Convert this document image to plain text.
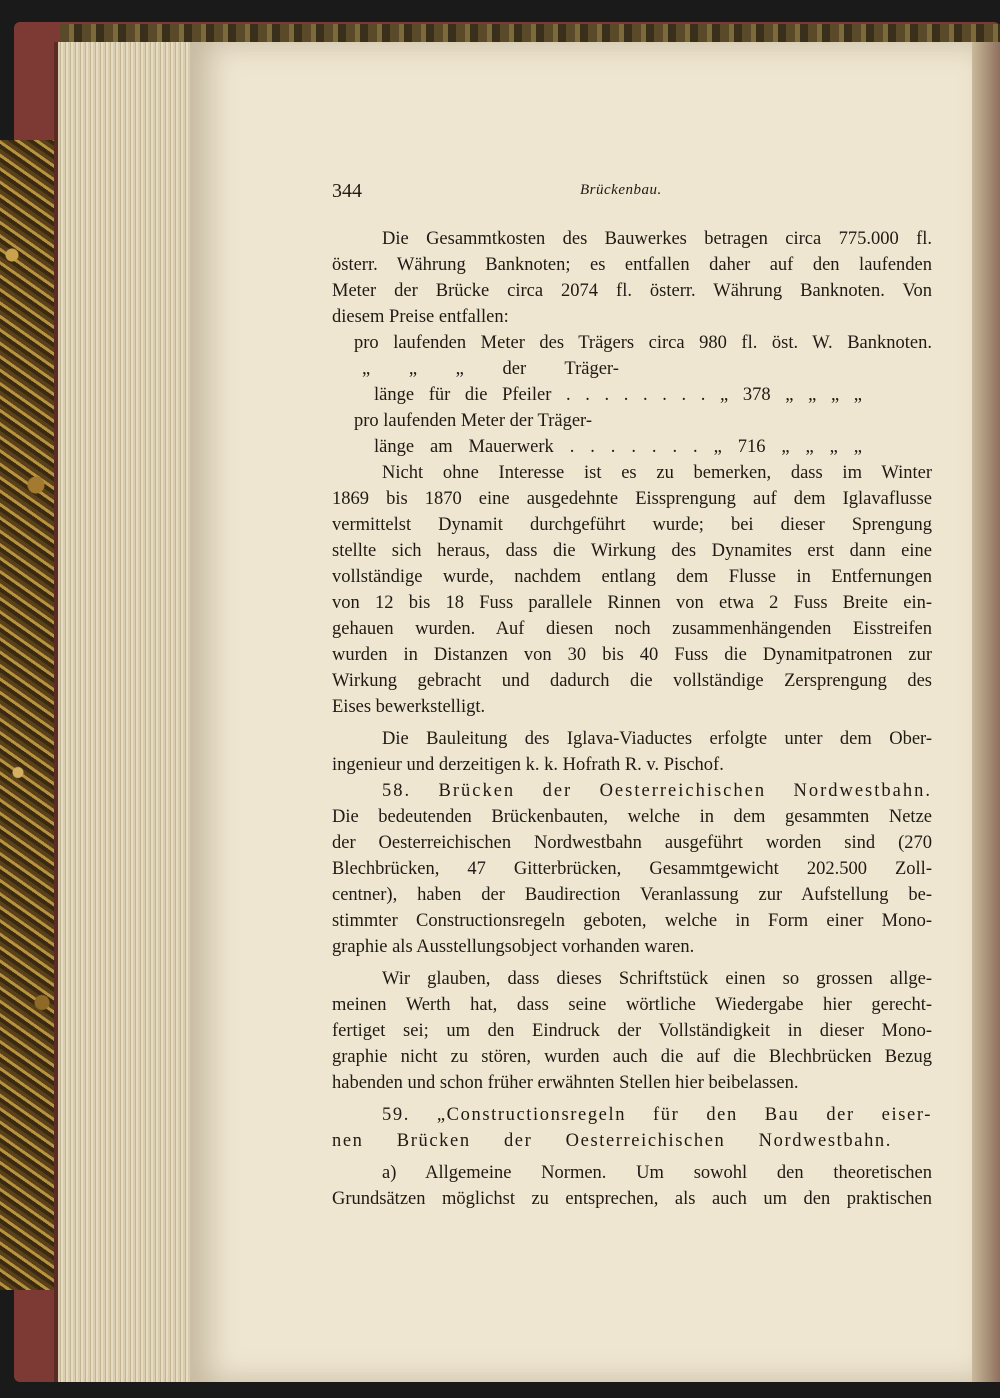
344	Brückenbau.
Die Gesammtkosten des Bauwerkes betragen circa 775.000 fl.
österr. Währung Banknoten; es entfallen daher auf den laufenden
Meter der Brücke circa 2074 fl. österr. Währung Banknoten. Von
diesem Preise entfallen:
pro laufenden Meter des Trägers circa 980 fl. öst. W. Banknoten.
„ „ „ der Träger-
länge für die Pfeiler . . . . . . . . „ 378 „ „ „ „
pro laufenden Meter der Träger-
länge am Mauerwerk . . . . . . . „ 716 „ „ „ „
Nicht ohne Interesse ist es zu bemerken, dass im Winter
1869 bis 1870 eine ausgedehnte Eissprengung auf dem Iglavaflusse
vermittelst Dynamit durchgeführt wurde; bei dieser Sprengung
stellte sich heraus, dass die Wirkung des Dynamites erst dann eine
vollständige wurde, nachdem entlang dem Flusse in Entfernungen
von 12 bis 18 Fuss parallele Rinnen von etwa 2 Fuss Breite ein-
gehauen wurden. Auf diesen noch zusammenhängenden Eisstreifen
wurden in Distanzen von 30 bis 40 Fuss die Dynamitpatronen zur
Wirkung gebracht und dadurch die vollständige Zersprengung des
Eises bewerkstelligt.
Die Bauleitung des Iglava-Viaductes erfolgte unter dem Ober-
ingenieur und derzeitigen k. k. Hofrath R. v. Pischof.
58. Brücken der Oesterreichischen Nordwestbahn.
Die bedeutenden Brückenbauten, welche in dem gesammten Netze
der Oesterreichischen Nordwestbahn ausgeführt worden sind (270
Blechbrücken, 47 Gitterbrücken, Gesammtgewicht 202.500 Zoll-
centner), haben der Baudirection Veranlassung zur Aufstellung be-
stimmter Constructionsregeln geboten, welche in Form einer Mono-
graphie als Ausstellungsobject vorhanden waren.
Wir glauben, dass dieses Schriftstück einen so grossen allge-
meinen Werth hat, dass seine wörtliche Wiedergabe hier gerecht-
fertiget sei; um den Eindruck der Vollständigkeit in dieser Mono-
graphie nicht zu stören, wurden auch die auf die Blechbrücken Bezug
habenden und schon früher erwähnten Stellen hier beibelassen.
59. „Constructionsregeln für den Bau der eiser-
nen Brücken der Oesterreichischen Nordwestbahn.
a) Allgemeine Normen. Um sowohl den theoretischen
Grundsätzen möglichst zu entsprechen, als auch um den praktischen
